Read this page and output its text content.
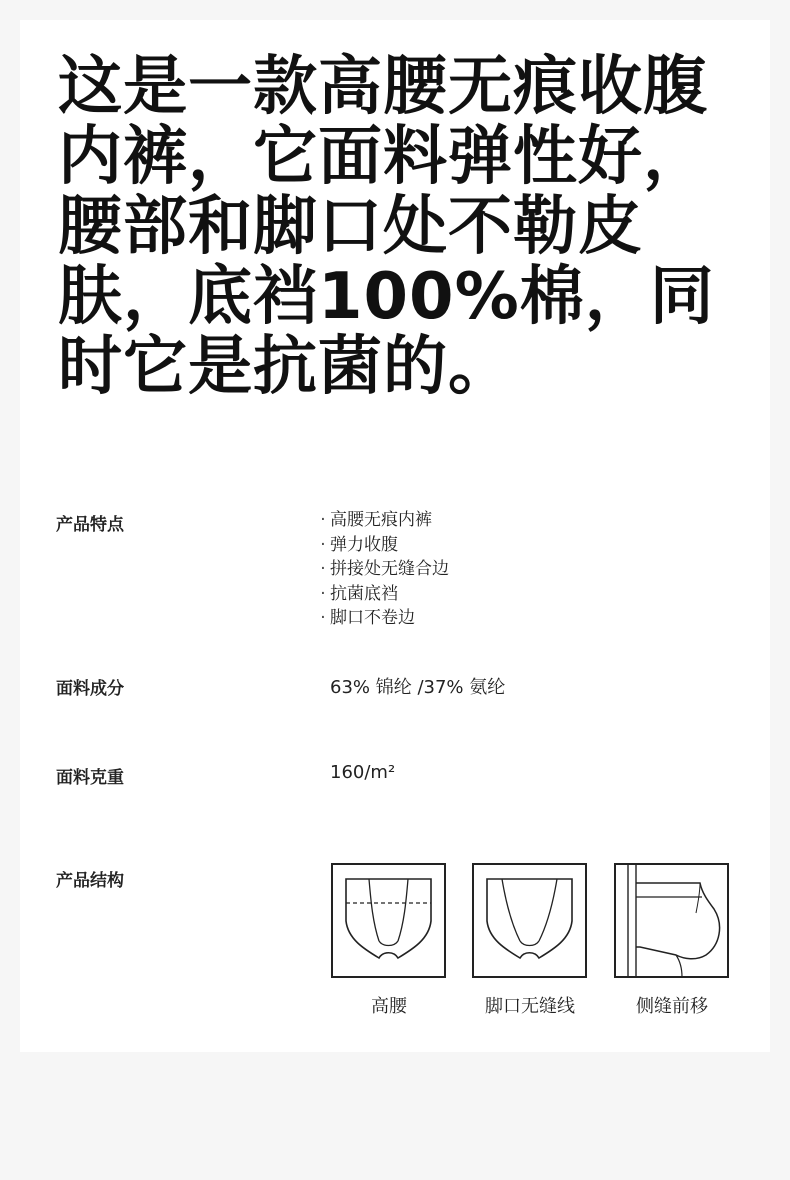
这是一款高腰无痕收腹内裤，它面料弹性好，腰部和脚口处不勒皮肤，底裆100%棉，同时它是抗菌的。
产品特点	· 高腰无痕内裤
· 弹力收腹
· 拼接处无缝合边
· 抗菌底裆
· 脚口不卷边
面料成分	63% 锦纶 /37% 氨纶
面料克重	160/m²
产品结构
高腰	脚口无缝线	侧缝前移
